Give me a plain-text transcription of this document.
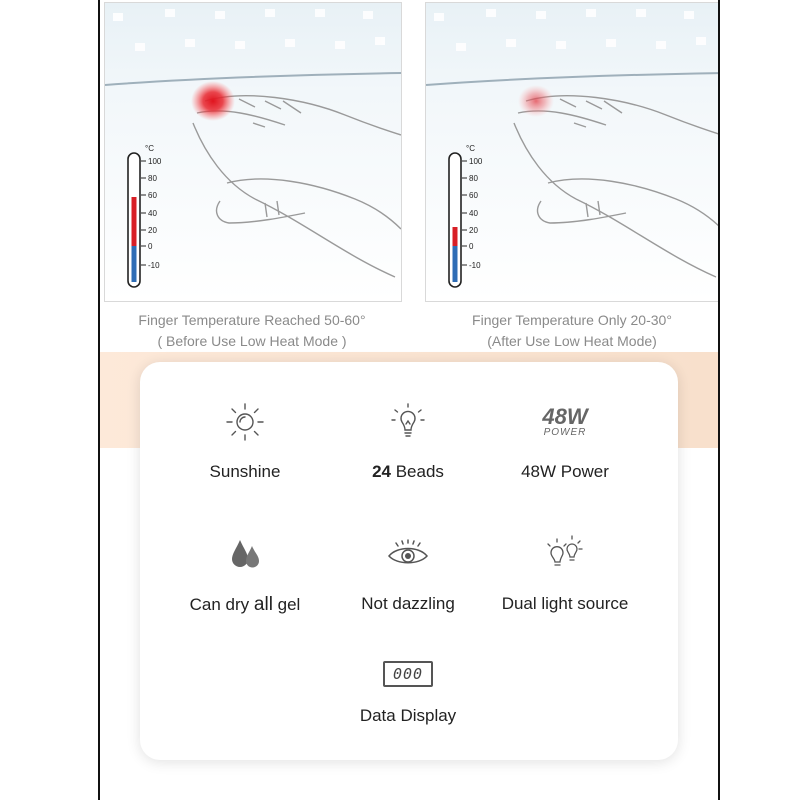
°C
100
80
60
40
20
0
-10
°C
100
80
60
40
20
0
-10
Finger Temperature Reached 50-60°
( Before Use Low Heat Mode )
Finger Temperature Only 20-30°
(After Use Low Heat Mode)
Sunshine	24 Beads
48W
POWER
48W Power
Can dry all gel	Not dazzling	Dual light source
000
Data Display
